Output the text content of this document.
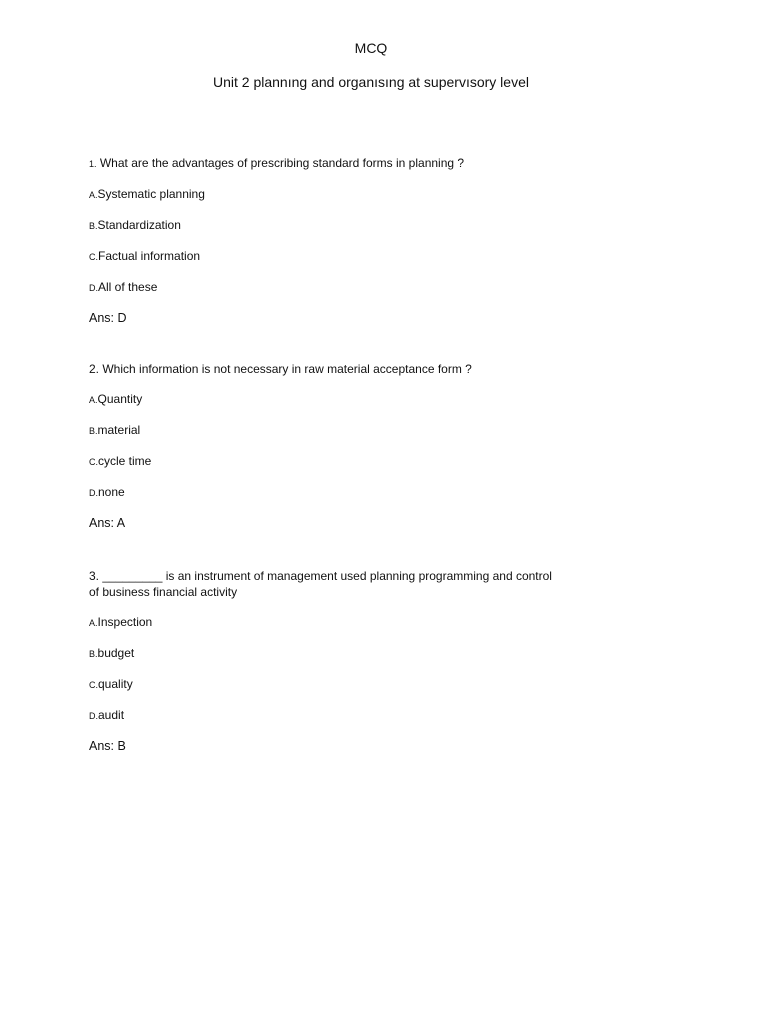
MCQ
Unit 2 plannıng and organısıng at supervısory level

1. What are the advantages of prescribing standard forms in planning ?

A.Systematic planning
B.Standardization
C.Factual information
D.All of these
Ans: D

2. Which information is not necessary in raw material acceptance form ?

A.Quantity
B.material
C.cycle time
D.none
Ans: A

3. _________ is an instrument of management used planning programming and control of business financial activity

A.Inspection
B.budget
C.quality
D.audit
Ans: B
